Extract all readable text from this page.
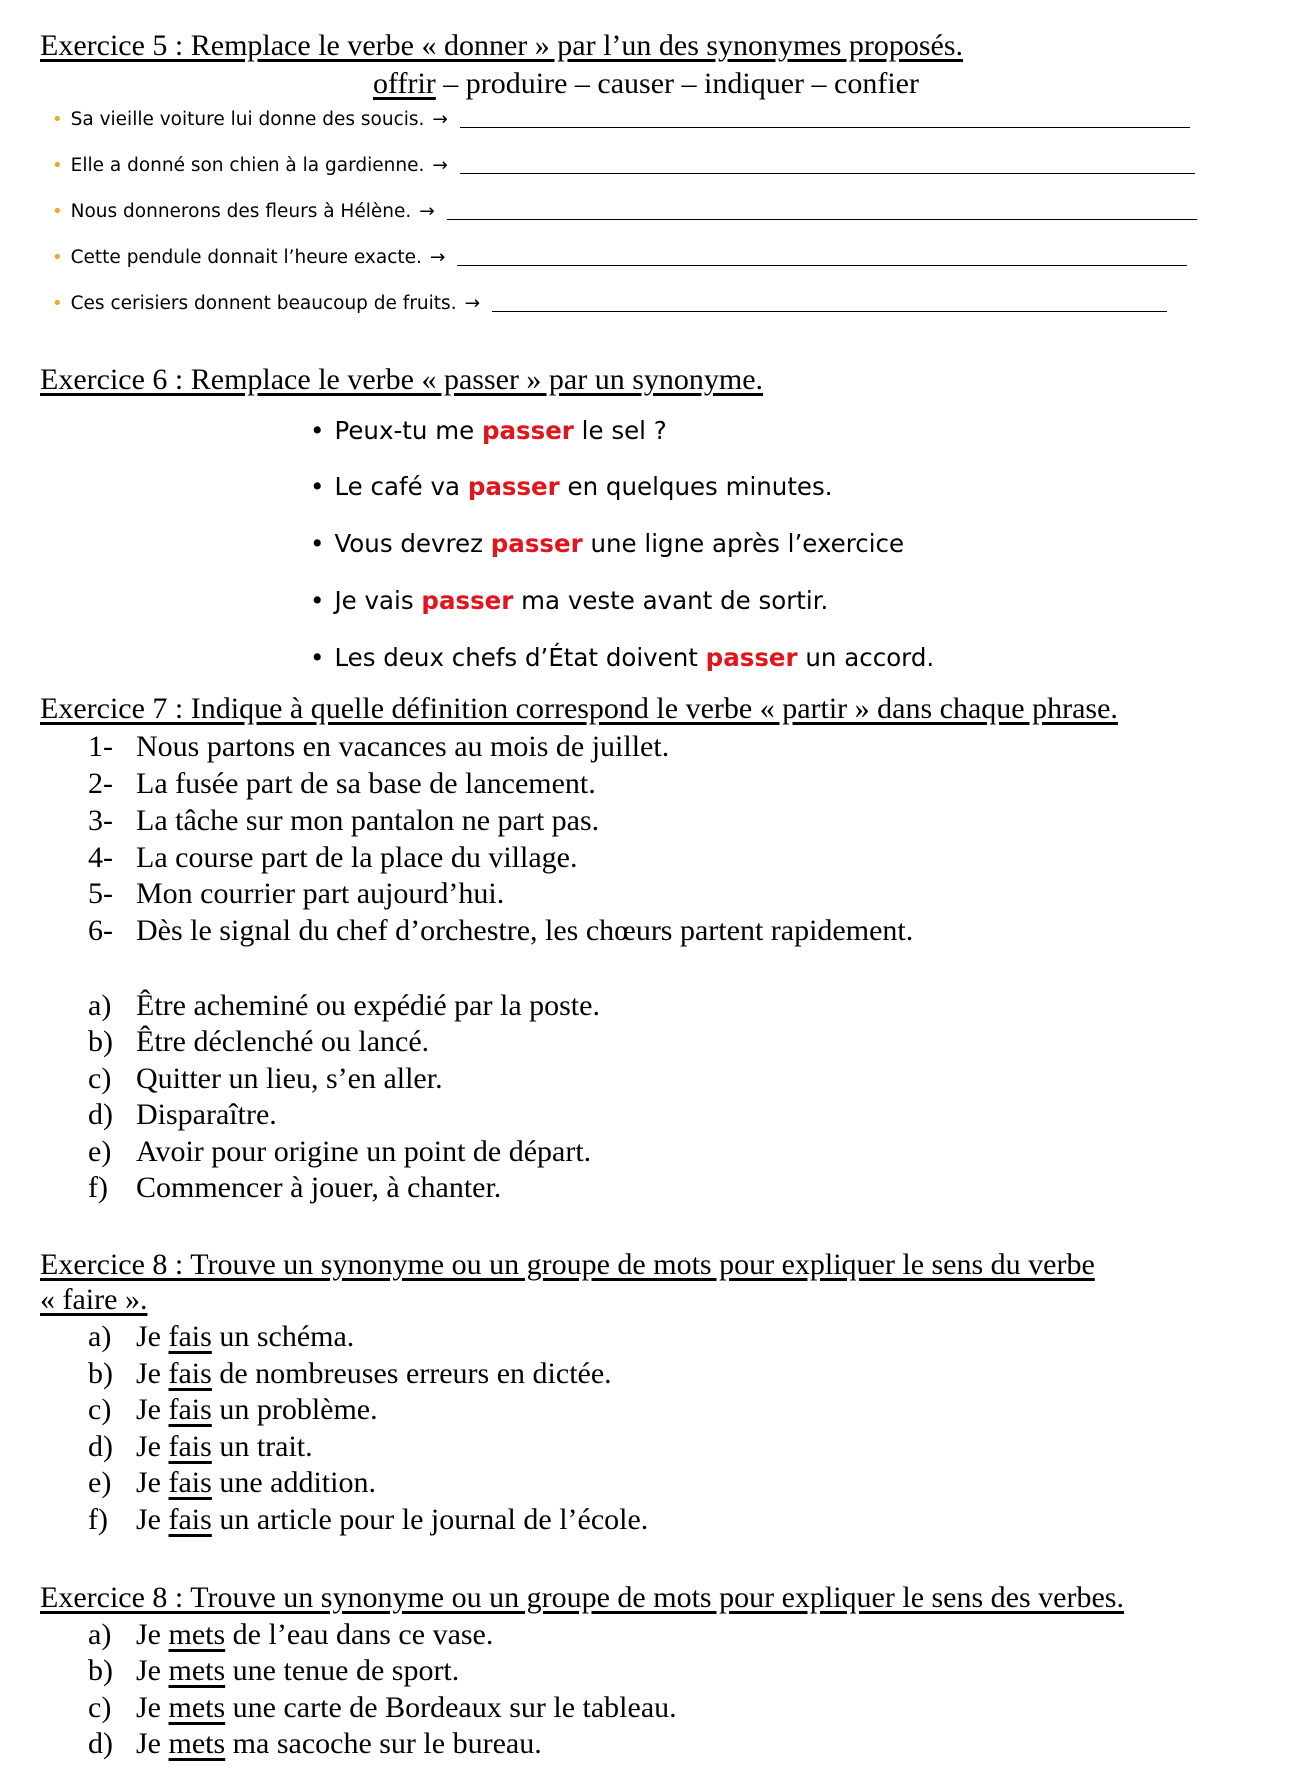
Exercice 5 : Remplace le verbe « donner » par l’un des synonymes proposés.
offrir – produire – causer – indiquer – confier
• Sa vieille voiture lui donne des soucis. →
• Elle a donné son chien à la gardienne. →
• Nous donnerons des fleurs à Hélène. →
• Cette pendule donnait l’heure exacte. →
• Ces cerisiers donnent beaucoup de fruits. →
Exercice 6 : Remplace le verbe « passer » par un synonyme.
• Peux-tu me passer le sel ?
• Le café va passer en quelques minutes.
• Vous devrez passer une ligne après l’exercice
• Je vais passer ma veste avant de sortir.
• Les deux chefs d’État doivent passer un accord.
Exercice 7 : Indique à quelle définition correspond le verbe « partir » dans chaque phrase.
1- Nous partons en vacances au mois de juillet.
2- La fusée part de sa base de lancement.
3- La tâche sur mon pantalon ne part pas.
4- La course part de la place du village.
5- Mon courrier part aujourd’hui.
6- Dès le signal du chef d’orchestre, les chœurs partent rapidement.
a) Être acheminé ou expédié par la poste.
b) Être déclenché ou lancé.
c) Quitter un lieu, s’en aller.
d) Disparaître.
e) Avoir pour origine un point de départ.
f) Commencer à jouer, à chanter.
Exercice 8 : Trouve un synonyme ou un groupe de mots pour expliquer le sens du verbe
« faire ».
a) Je fais un schéma.
b) Je fais de nombreuses erreurs en dictée.
c) Je fais un problème.
d) Je fais un trait.
e) Je fais une addition.
f) Je fais un article pour le journal de l’école.
Exercice 8 : Trouve un synonyme ou un groupe de mots pour expliquer le sens des verbes.
a) Je mets de l’eau dans ce vase.
b) Je mets une tenue de sport.
c) Je mets une carte de Bordeaux sur le tableau.
d) Je mets ma sacoche sur le bureau.
